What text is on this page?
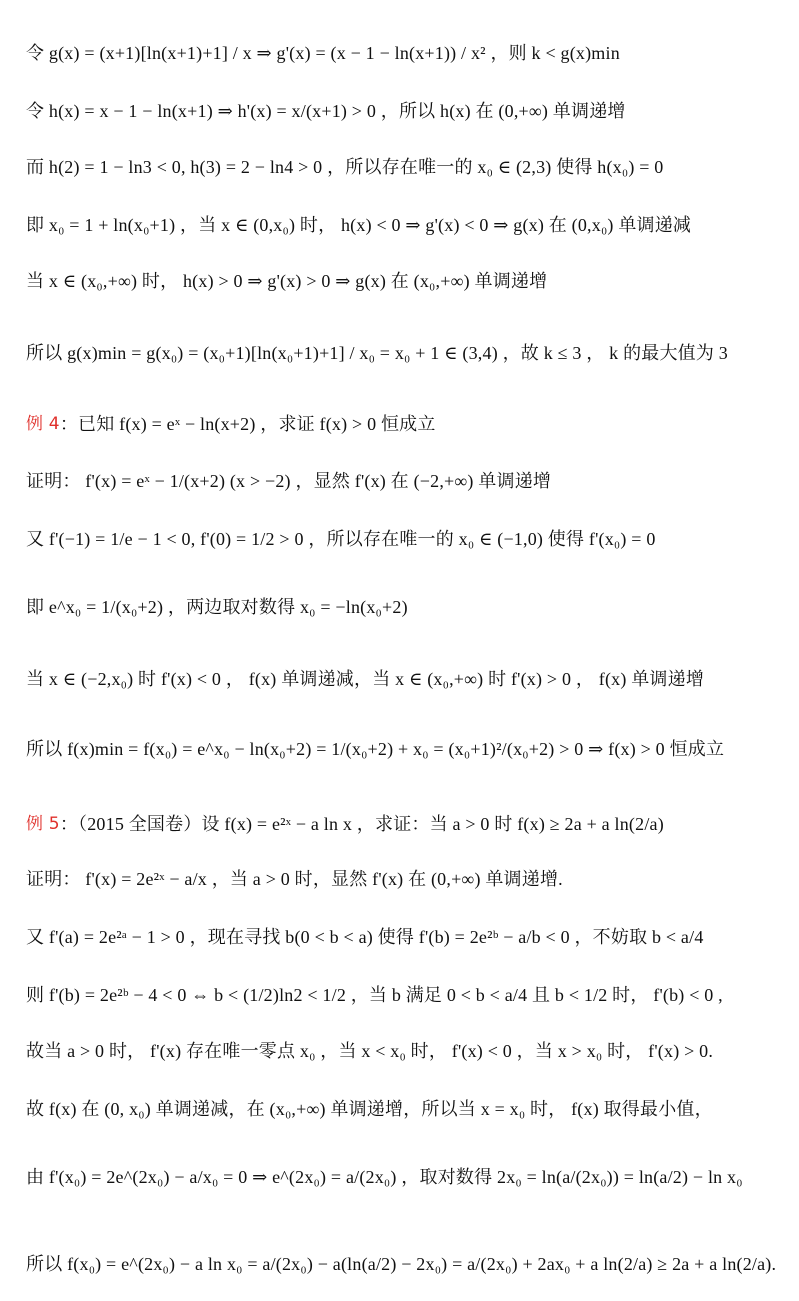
令 g(x) = (x+1)[ln(x+1)+1] / x ⇒ g'(x) = (x − 1 − ln(x+1)) / x² ，则 k < g(x)min
令 h(x) = x − 1 − ln(x+1) ⇒ h'(x) = x/(x+1) > 0 ，所以 h(x) 在 (0,+∞) 单调递增
而 h(2) = 1 − ln3 < 0, h(3) = 2 − ln4 > 0 ，所以存在唯一的 x₀ ∈ (2,3) 使得 h(x₀) = 0
即 x₀ = 1 + ln(x₀+1) ，当 x ∈ (0,x₀) 时， h(x) < 0 ⇒ g'(x) < 0 ⇒ g(x) 在 (0,x₀) 单调递减
当 x ∈ (x₀,+∞) 时， h(x) > 0 ⇒ g'(x) > 0 ⇒ g(x) 在 (x₀,+∞) 单调递增
所以 g(x)min = g(x₀) = (x₀+1)[ln(x₀+1)+1] / x₀ = x₀ + 1 ∈ (3,4) ，故 k ≤ 3 ， k 的最大值为 3
例 4 ：已知 f(x) = eˣ − ln(x+2) ，求证 f(x) > 0 恒成立
证明： f'(x) = eˣ − 1/(x+2) (x > −2) ，显然 f'(x) 在 (−2,+∞) 单调递增
又 f'(−1) = 1/e − 1 < 0, f'(0) = 1/2 > 0 ，所以存在唯一的 x₀ ∈ (−1,0) 使得 f'(x₀) = 0
即 e^x₀ = 1/(x₀+2) ，两边取对数得 x₀ = −ln(x₀+2)
当 x ∈ (−2,x₀) 时 f'(x) < 0 ， f(x) 单调递减，当 x ∈ (x₀,+∞) 时 f'(x) > 0 ， f(x) 单调递增
所以 f(x)min = f(x₀) = e^x₀ − ln(x₀+2) = 1/(x₀+2) + x₀ = (x₀+1)²/(x₀+2) > 0 ⇒ f(x) > 0 恒成立
例 5 ：（2015 全国卷）设 f(x) = e²ˣ − a ln x ，求证：当 a > 0 时 f(x) ≥ 2a + a ln(2/a)
证明： f'(x) = 2e²ˣ − a/x ，当 a > 0 时，显然 f'(x) 在 (0,+∞) 单调递增.
又 f'(a) = 2e²ᵃ − 1 > 0 ，现在寻找 b(0 < b < a) 使得 f'(b) = 2e²ᵇ − a/b < 0 ，不妨取 b < a/4
则 f'(b) = 2e²ᵇ − 4 < 0 ⇔ b < (1/2)ln2 < 1/2 ，当 b 满足 0 < b < a/4 且 b < 1/2 时， f'(b) < 0 ,
故当 a > 0 时， f'(x) 存在唯一零点 x₀ ，当 x < x₀ 时， f'(x) < 0 ，当 x > x₀ 时， f'(x) > 0.
故 f(x) 在 (0, x₀) 单调递减，在 (x₀,+∞) 单调递增，所以当 x = x₀ 时， f(x) 取得最小值，
由 f'(x₀) = 2e^(2x₀) − a/x₀ = 0 ⇒ e^(2x₀) = a/(2x₀) ，取对数得 2x₀ = ln(a/(2x₀)) = ln(a/2) − ln x₀
所以 f(x₀) = e^(2x₀) − a ln x₀ = a/(2x₀) − a(ln(a/2) − 2x₀) = a/(2x₀) + 2ax₀ + a ln(2/a) ≥ 2a + a ln(2/a).
